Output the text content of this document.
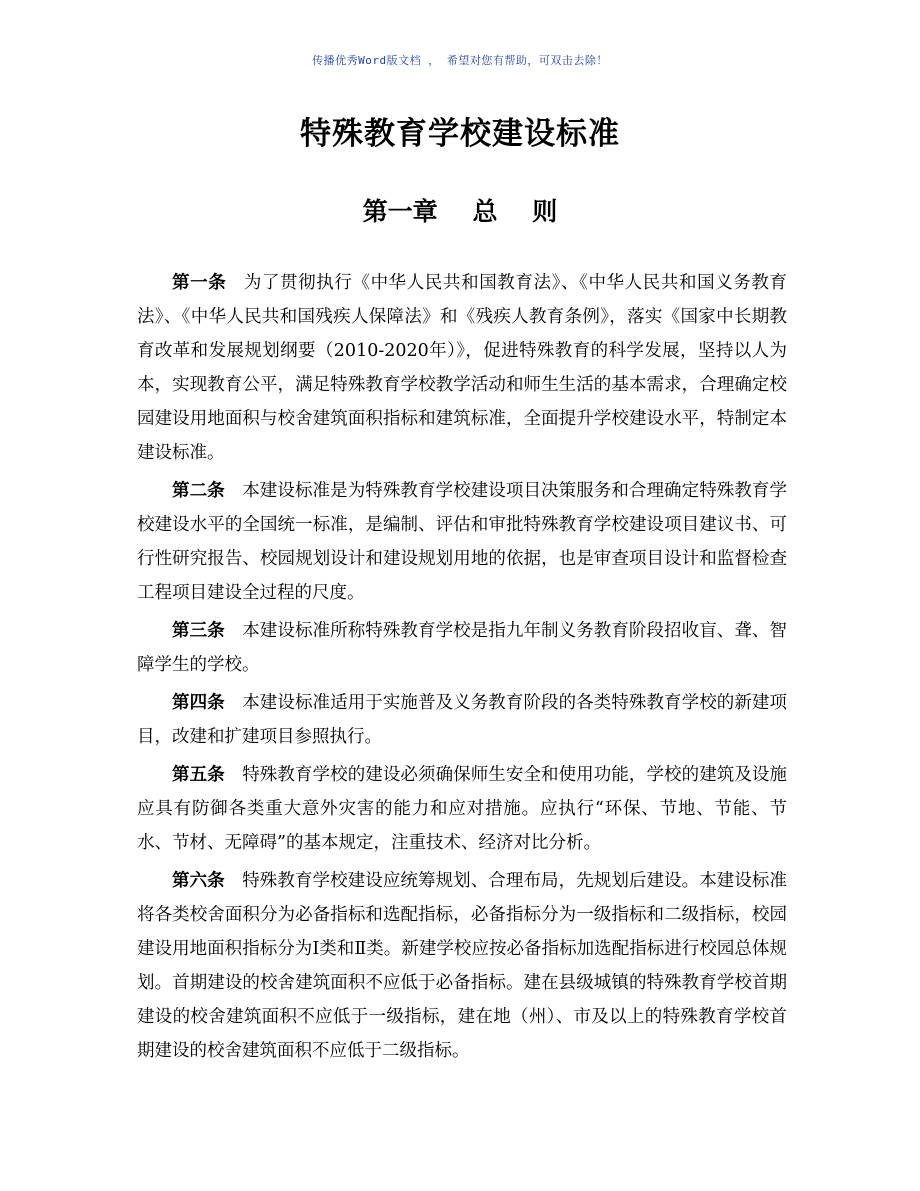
传播优秀Word版文档 ， 希望对您有帮助，可双击去除！
特殊教育学校建设标准
第一章    总    则

第一条 为了贯彻执行《中华人民共和国教育法》、《中华人民共和国义务教育法》、《中华人民共和国残疾人保障法》和《残疾人教育条例》，落实《国家中长期教育改革和发展规划纲要（2010-2020年）》，促进特殊教育的科学发展，坚持以人为本，实现教育公平，满足特殊教育学校教学活动和师生生活的基本需求，合理确定校园建设用地面积与校舍建筑面积指标和建筑标准，全面提升学校建设水平，特制定本建设标准。

第二条 本建设标准是为特殊教育学校建设项目决策服务和合理确定特殊教育学校建设水平的全国统一标准，是编制、评估和审批特殊教育学校建设项目建议书、可行性研究报告、校园规划设计和建设规划用地的依据，也是审查项目设计和监督检查工程项目建设全过程的尺度。

第三条 本建设标准所称特殊教育学校是指九年制义务教育阶段招收盲、聋、智障学生的学校。

第四条 本建设标准适用于实施普及义务教育阶段的各类特殊教育学校的新建项目，改建和扩建项目参照执行。

第五条 特殊教育学校的建设必须确保师生安全和使用功能，学校的建筑及设施应具有防御各类重大意外灾害的能力和应对措施。应执行“环保、节地、节能、节水、节材、无障碍”的基本规定，注重技术、经济对比分析。

第六条 特殊教育学校建设应统筹规划、合理布局，先规划后建设。本建设标准将各类校舍面积分为必备指标和选配指标，必备指标分为一级指标和二级指标，校园建设用地面积指标分为Ⅰ类和Ⅱ类。新建学校应按必备指标加选配指标进行校园总体规划。首期建设的校舍建筑面积不应低于必备指标。建在县级城镇的特殊教育学校首期建设的校舍建筑面积不应低于一级指标，建在地（州）、市及以上的特殊教育学校首期建设的校舍建筑面积不应低于二级指标。
